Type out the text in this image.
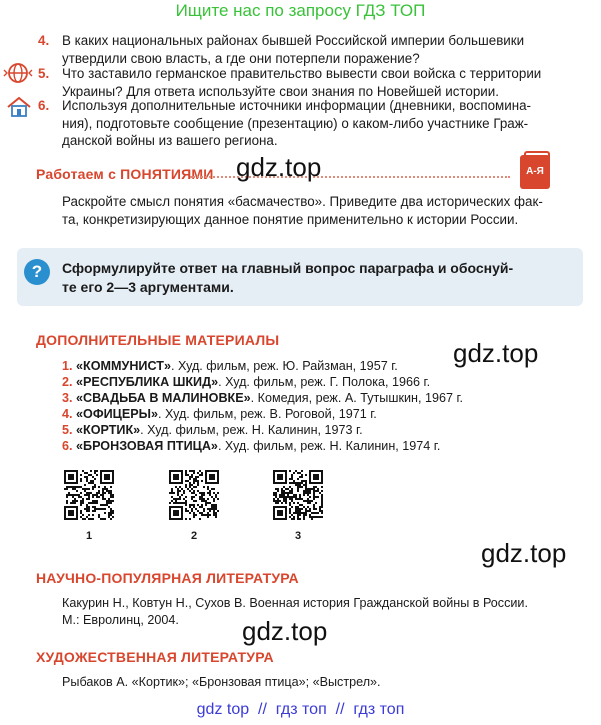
Ищите нас по запросу ГДЗ ТОП
4. В каких национальных районах бывшей Российской империи большевики
утвердили свою власть, а где они потерпели поражение?
5. Что заставило германское правительство вывести свои войска с территории
Украины? Для ответа используйте свои знания по Новейшей истории.
6. Используя дополнительные источники информации (дневники, воспомина-
ния), подготовьте сообщение (презентацию) о каком-либо участнике Граж-
данской войны из вашего региона.
Работаем с ПОНЯТИЯМИ gdz.top	А-Я
Раскройте смысл понятия «басмачество». Приведите два исторических фак-
та, конкретизирующих данное понятие применительно к истории России.
?	Сформулируйте ответ на главный вопрос параграфа и обоснуй-
те его 2—3 аргументами.
ДОПОЛНИТЕЛЬНЫЕ МАТЕРИАЛЫ	gdz.top
1. «КОММУНИСТ». Худ. фильм, реж. Ю. Райзман, 1957 г.
2. «РЕСПУБЛИКА ШКИД». Худ. фильм, реж. Г. Полока, 1966 г.
3. «СВАДЬБА В МАЛИНОВКЕ». Комедия, реж. А. Тутышкин, 1967 г.
4. «ОФИЦЕРЫ». Худ. фильм, реж. В. Роговой, 1971 г.
5. «КОРТИК». Худ. фильм, реж. Н. Калинин, 1973 г.
6. «БРОНЗОВАЯ ПТИЦА». Худ. фильм, реж. Н. Калинин, 1974 г.
1	2	3
gdz.top
НАУЧНО-ПОПУЛЯРНАЯ ЛИТЕРАТУРА
Какурин Н., Ковтун Н., Сухов В. Военная история Гражданской войны в России.
М.: Евролинц, 2004.	gdz.top
ХУДОЖЕСТВЕННАЯ ЛИТЕРАТУРА
Рыбаков А. «Кортик»; «Бронзовая птица»; «Выстрел».
gdz top  //  гдз топ  //  гдз топ
